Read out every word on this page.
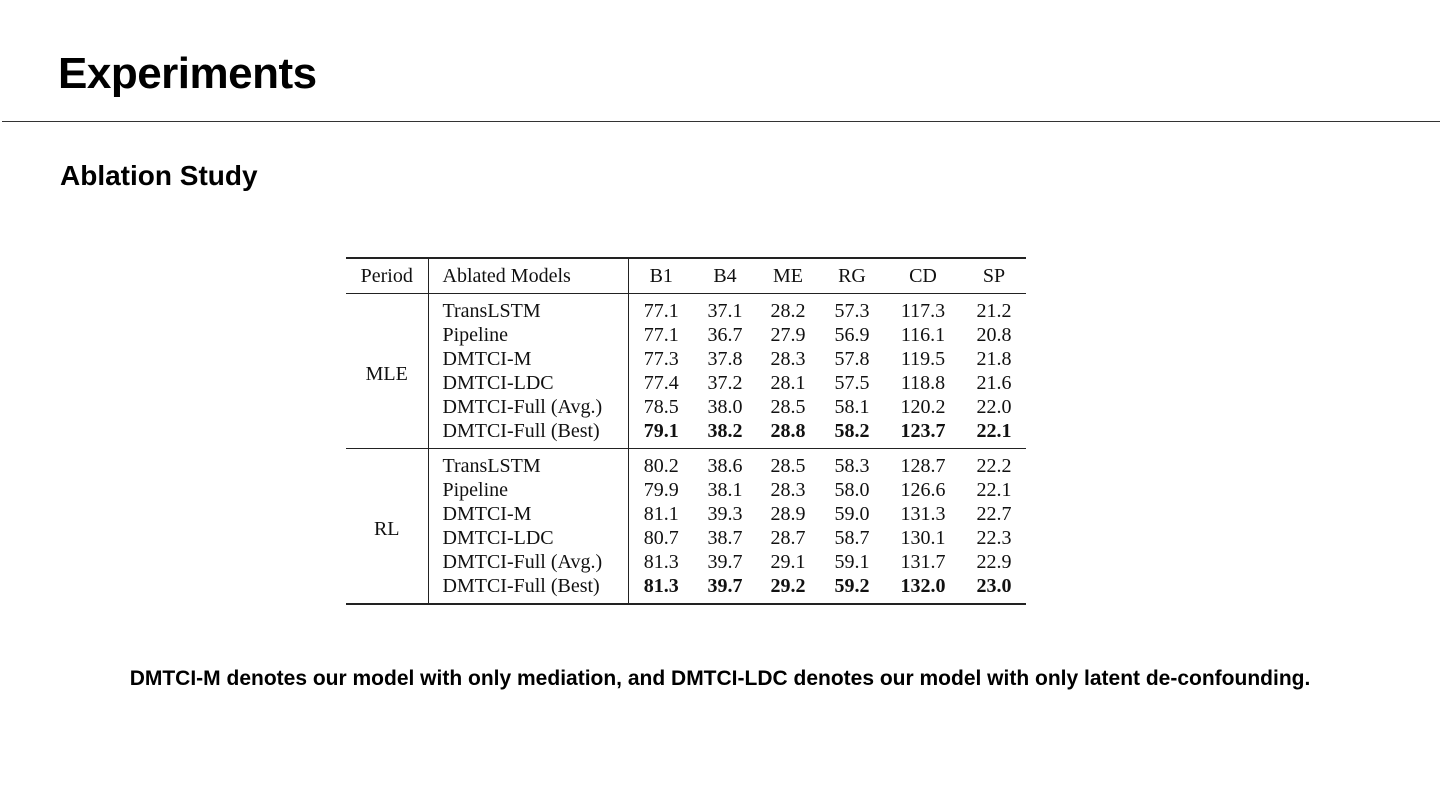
Experiments
Ablation Study
Period	Ablated Models	B1	B4	ME	RG	CD	SP
MLE	TransLSTM	77.1	37.1	28.2	57.3	117.3	21.2
	Pipeline	77.1	36.7	27.9	56.9	116.1	20.8
	DMTCI-M	77.3	37.8	28.3	57.8	119.5	21.8
	DMTCI-LDC	77.4	37.2	28.1	57.5	118.8	21.6
	DMTCI-Full (Avg.)	78.5	38.0	28.5	58.1	120.2	22.0
	DMTCI-Full (Best)	79.1	38.2	28.8	58.2	123.7	22.1
RL	TransLSTM	80.2	38.6	28.5	58.3	128.7	22.2
	Pipeline	79.9	38.1	28.3	58.0	126.6	22.1
	DMTCI-M	81.1	39.3	28.9	59.0	131.3	22.7
	DMTCI-LDC	80.7	38.7	28.7	58.7	130.1	22.3
	DMTCI-Full (Avg.)	81.3	39.7	29.1	59.1	131.7	22.9
	DMTCI-Full (Best)	81.3	39.7	29.2	59.2	132.0	23.0

DMTCI-M denotes our model with only mediation, and DMTCI-LDC denotes our model with only latent de-confounding.
